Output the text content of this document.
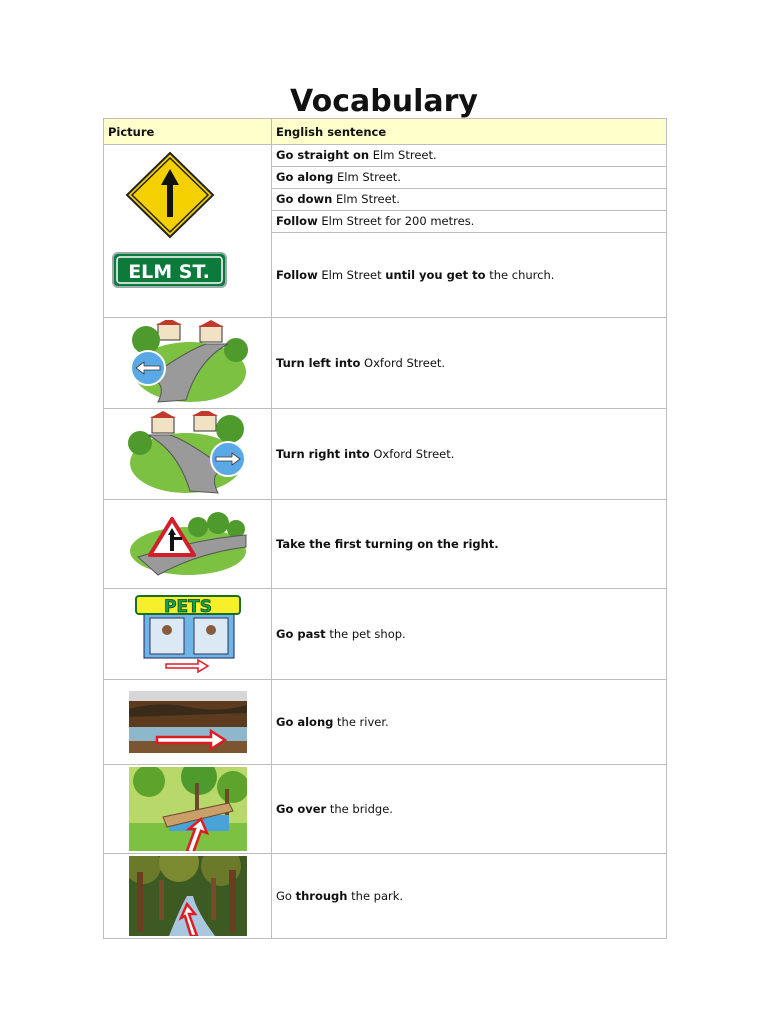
Vocabulary
Picture	English sentence

ELM ST.	Go straight on Elm Street.
Go along Elm Street.
Go down Elm Street.
Follow Elm Street for 200 metres.
Follow Elm Street until you get to the church.

	Turn left into Oxford Street.

	Turn right into Oxford Street.

	Take the first turning on the right.

PETS	Go past the pet shop.

	Go along the river.

	Go over the bridge.

	Go through the park.
